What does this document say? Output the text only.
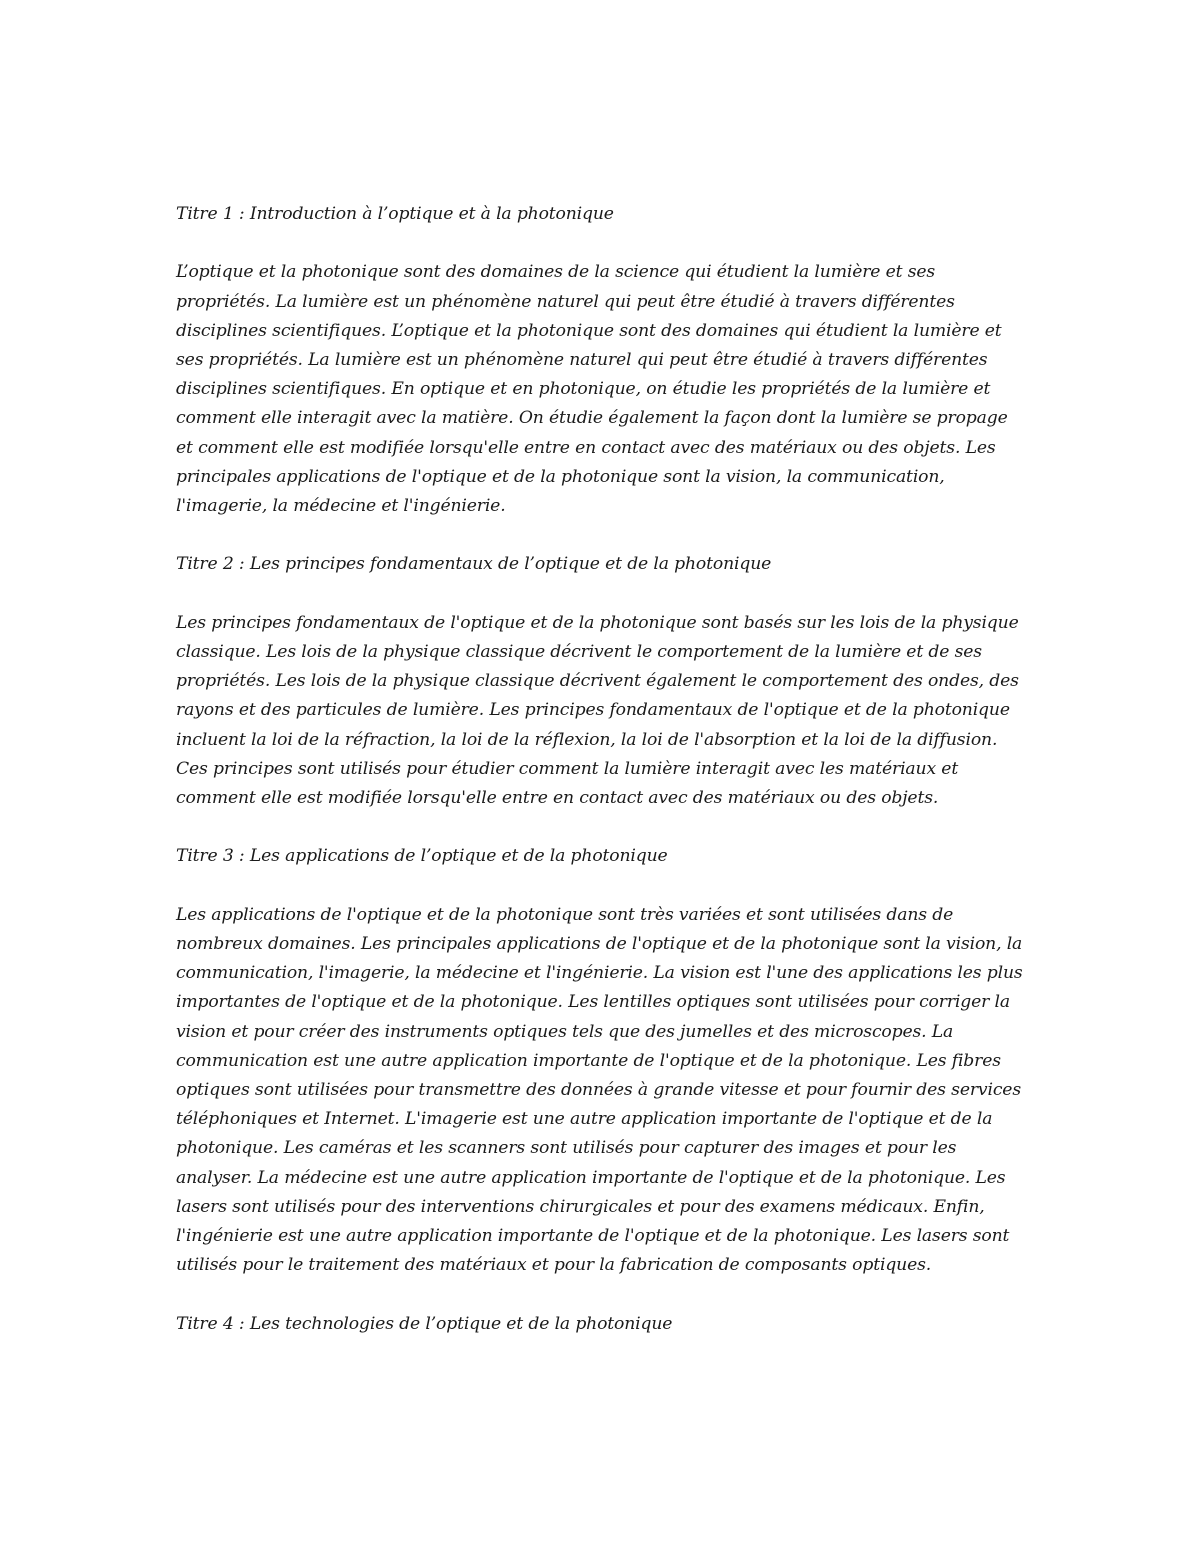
Titre 1 : Introduction à l’optique et à la photonique

L’optique et la photonique sont des domaines de la science qui étudient la lumière et ses propriétés. La lumière est un phénomène naturel qui peut être étudié à travers différentes disciplines scientifiques. L’optique et la photonique sont des domaines qui étudient la lumière et ses propriétés. La lumière est un phénomène naturel qui peut être étudié à travers différentes disciplines scientifiques. En optique et en photonique, on étudie les propriétés de la lumière et comment elle interagit avec la matière. On étudie également la façon dont la lumière se propage et comment elle est modifiée lorsqu'elle entre en contact avec des matériaux ou des objets. Les principales applications de l'optique et de la photonique sont la vision, la communication, l'imagerie, la médecine et l'ingénierie.

Titre 2 : Les principes fondamentaux de l’optique et de la photonique

Les principes fondamentaux de l'optique et de la photonique sont basés sur les lois de la physique classique. Les lois de la physique classique décrivent le comportement de la lumière et de ses propriétés. Les lois de la physique classique décrivent également le comportement des ondes, des rayons et des particules de lumière. Les principes fondamentaux de l'optique et de la photonique incluent la loi de la réfraction, la loi de la réflexion, la loi de l'absorption et la loi de la diffusion. Ces principes sont utilisés pour étudier comment la lumière interagit avec les matériaux et comment elle est modifiée lorsqu'elle entre en contact avec des matériaux ou des objets.

Titre 3 : Les applications de l’optique et de la photonique

Les applications de l'optique et de la photonique sont très variées et sont utilisées dans de nombreux domaines. Les principales applications de l'optique et de la photonique sont la vision, la communication, l'imagerie, la médecine et l'ingénierie. La vision est l'une des applications les plus importantes de l'optique et de la photonique. Les lentilles optiques sont utilisées pour corriger la vision et pour créer des instruments optiques tels que des jumelles et des microscopes. La communication est une autre application importante de l'optique et de la photonique. Les fibres optiques sont utilisées pour transmettre des données à grande vitesse et pour fournir des services téléphoniques et Internet. L'imagerie est une autre application importante de l'optique et de la photonique. Les caméras et les scanners sont utilisés pour capturer des images et pour les analyser. La médecine est une autre application importante de l'optique et de la photonique. Les lasers sont utilisés pour des interventions chirurgicales et pour des examens médicaux. Enfin, l'ingénierie est une autre application importante de l'optique et de la photonique. Les lasers sont utilisés pour le traitement des matériaux et pour la fabrication de composants optiques.

Titre 4 : Les technologies de l’optique et de la photonique
